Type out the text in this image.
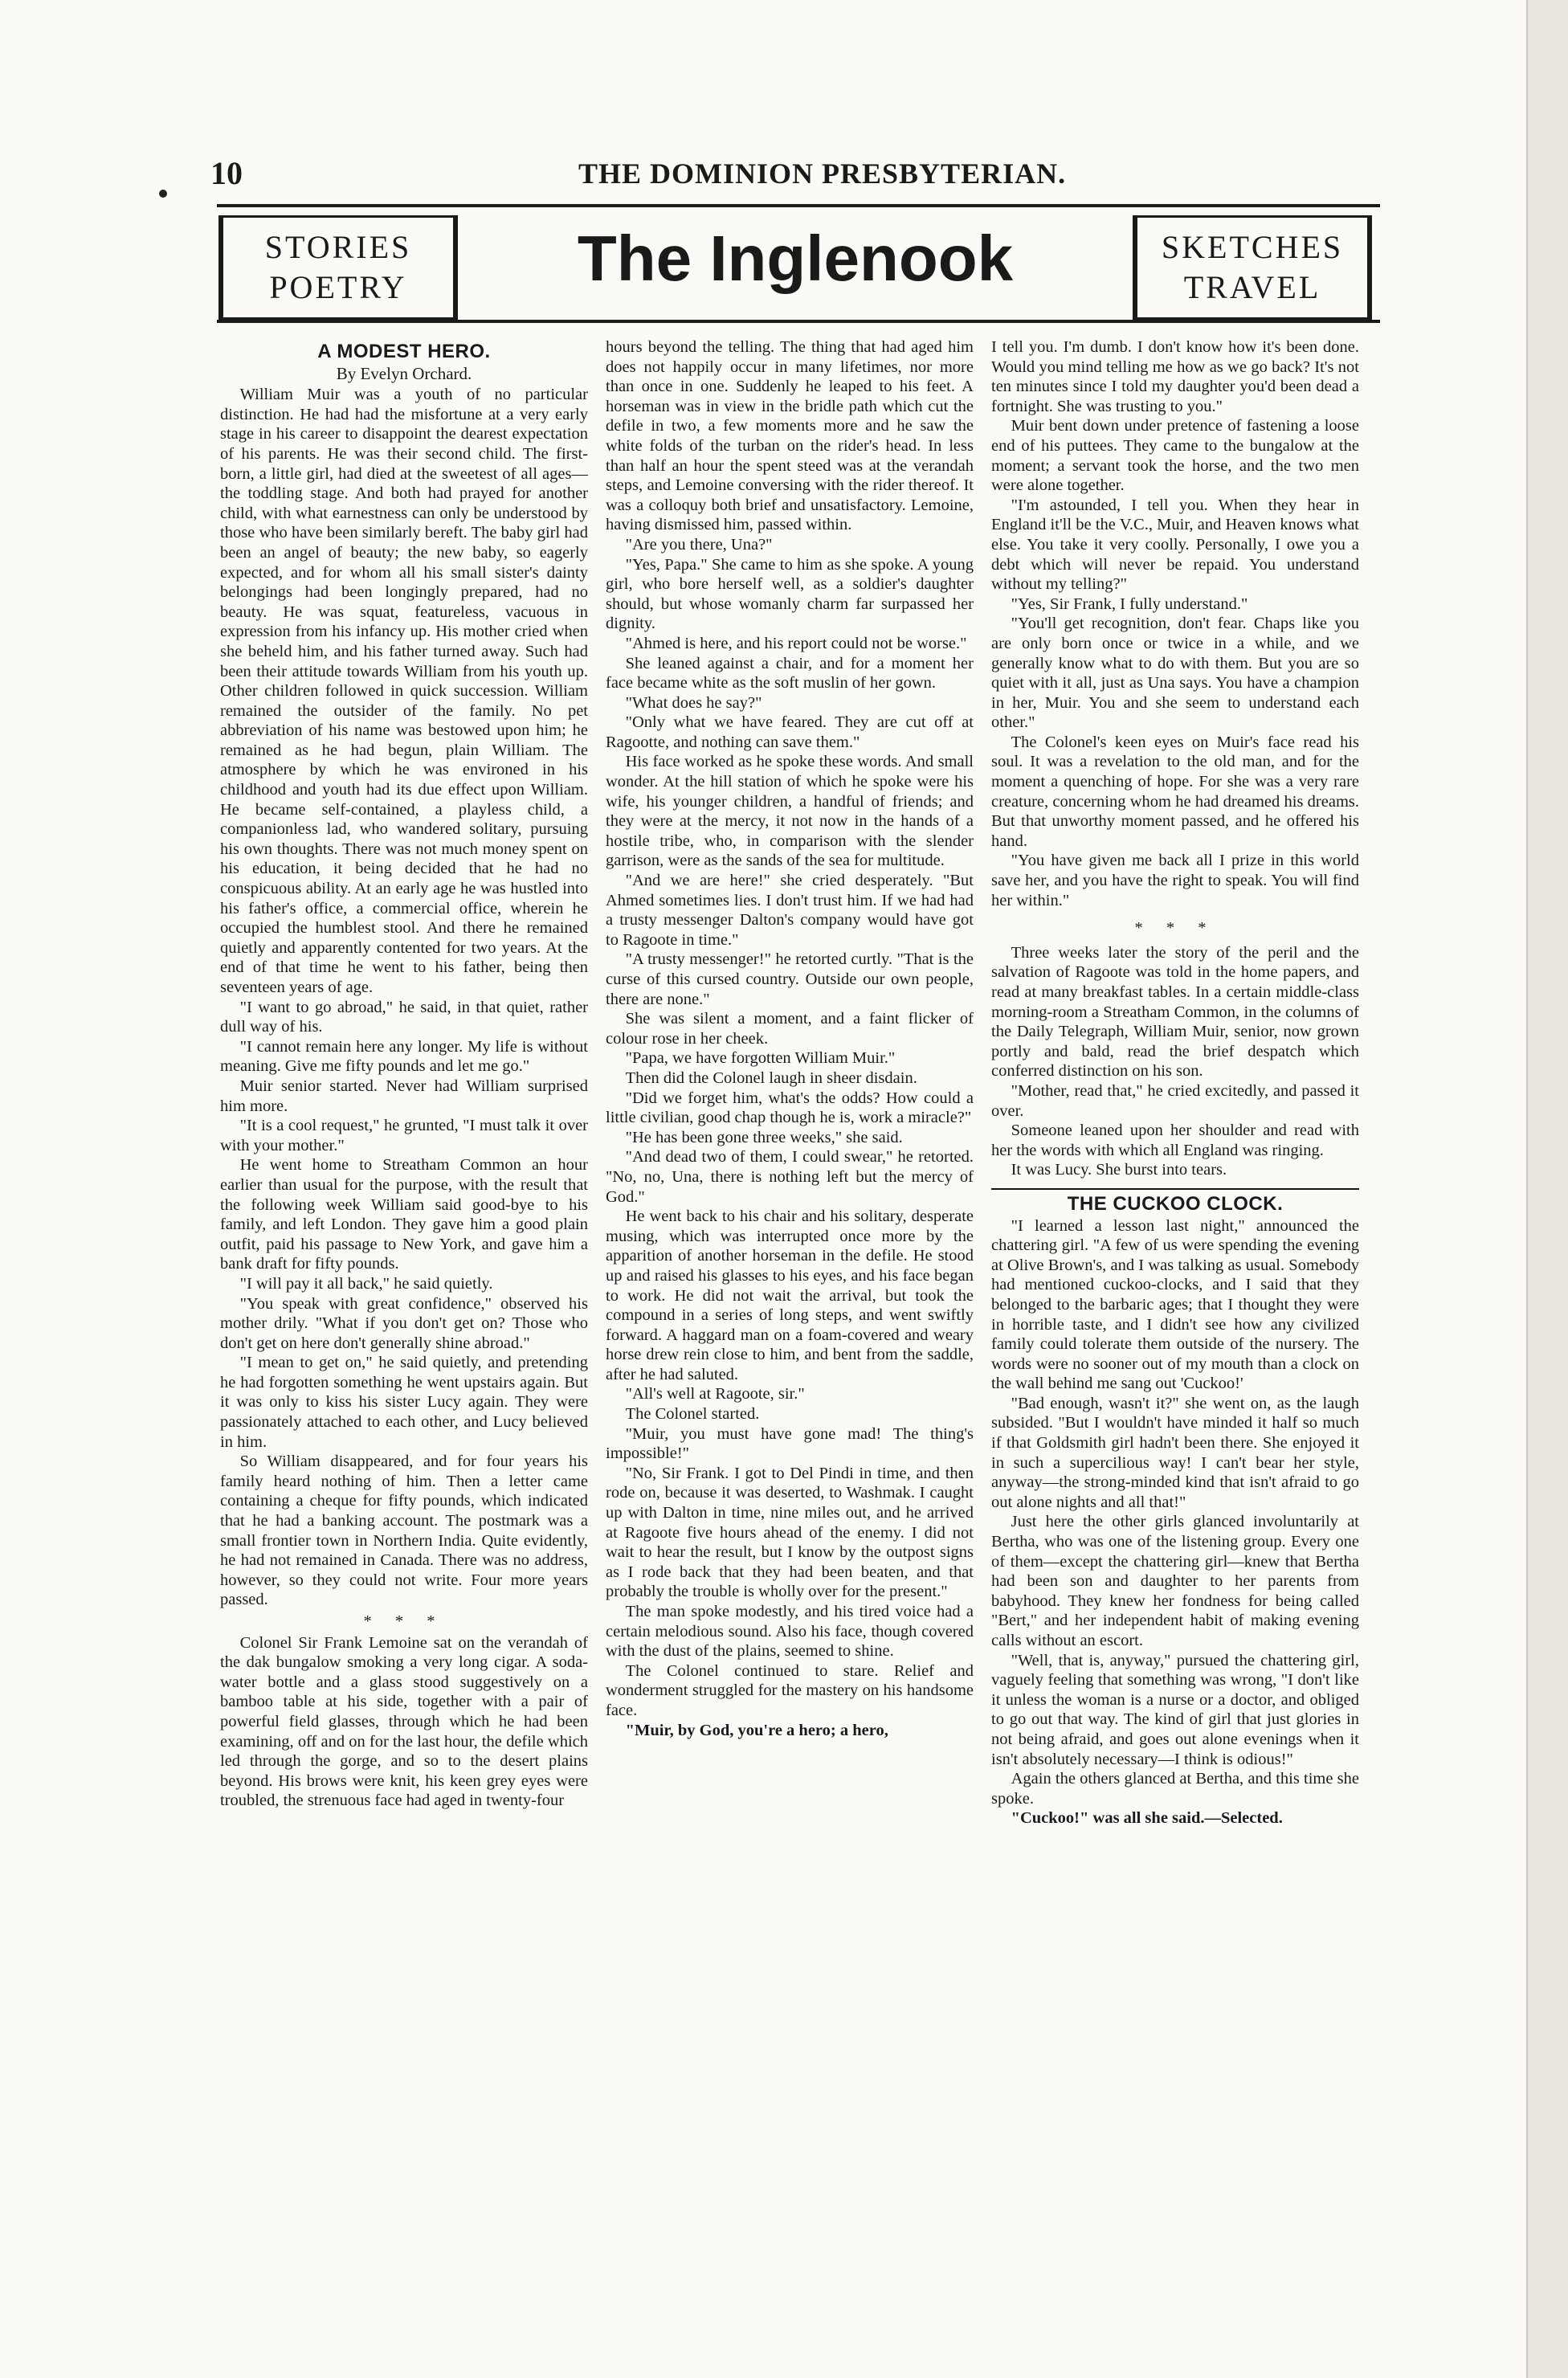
10	THE DOMINION PRESBYTERIAN.
STORIES
POETRY	The Inglenook	SKETCHES
TRAVEL
A MODEST HERO.
By Evelyn Orchard.

William Muir was a youth of no particular distinction. He had had the misfortune at a very early stage in his career to disappoint the dearest expectation of his parents. He was their second child. The first-born, a little girl, had died at the sweetest of all ages—the toddling stage. And both had prayed for another child, with what earnestness can only be understood by those who have been similarly bereft. The baby girl had been an angel of beauty; the new baby, so eagerly expected, and for whom all his small sister's dainty belongings had been longingly prepared, had no beauty. He was squat, featureless, vacuous in expression from his infancy up. His mother cried when she beheld him, and his father turned away. Such had been their attitude towards William from his youth up. Other children followed in quick succession. William remained the outsider of the family. No pet abbreviation of his name was bestowed upon him; he remained as he had begun, plain William. The atmosphere by which he was environed in his childhood and youth had its due effect upon William. He became self-contained, a playless child, a companionless lad, who wandered solitary, pursuing his own thoughts. There was not much money spent on his education, it being decided that he had no conspicuous ability. At an early age he was hustled into his father's office, a commercial office, wherein he occupied the humblest stool. And there he remained quietly and apparently contented for two years. At the end of that time he went to his father, being then seventeen years of age.

"I want to go abroad," he said, in that quiet, rather dull way of his.

"I cannot remain here any longer. My life is without meaning. Give me fifty pounds and let me go."

Muir senior started. Never had William surprised him more.

"It is a cool request," he grunted, "I must talk it over with your mother."

He went home to Streatham Common an hour earlier than usual for the purpose, with the result that the following week William said good-bye to his family, and left London. They gave him a good plain outfit, paid his passage to New York, and gave him a bank draft for fifty pounds.

"I will pay it all back," he said quietly.

"You speak with great confidence," observed his mother drily. "What if you don't get on? Those who don't get on here don't generally shine abroad."

"I mean to get on," he said quietly, and pretending he had forgotten something he went upstairs again. But it was only to kiss his sister Lucy again. They were passionately attached to each other, and Lucy believed in him.

So William disappeared, and for four years his family heard nothing of him. Then a letter came containing a cheque for fifty pounds, which indicated that he had a banking account. The postmark was a small frontier town in Northern India. Quite evidently, he had not remained in Canada. There was no address, however, so they could not write. Four more years passed.

* * *

Colonel Sir Frank Lemoine sat on the verandah of the dak bungalow smoking a very long cigar. A soda-water bottle and a glass stood suggestively on a bamboo table at his side, together with a pair of powerful field glasses, through which he had been examining, off and on for the last hour, the defile which led through the gorge, and so to the desert plains beyond. His brows were knit, his keen grey eyes were troubled, the strenuous face had aged in twenty-four

hours beyond the telling. The thing that had aged him does not happily occur in many lifetimes, nor more than once in one. Suddenly he leaped to his feet. A horseman was in view in the bridle path which cut the defile in two, a few moments more and he saw the white folds of the turban on the rider's head. In less than half an hour the spent steed was at the verandah steps, and Lemoine conversing with the rider thereof. It was a colloquy both brief and unsatisfactory. Lemoine, having dismissed him, passed within.

"Are you there, Una?"

"Yes, Papa." She came to him as she spoke. A young girl, who bore herself well, as a soldier's daughter should, but whose womanly charm far surpassed her dignity.

"Ahmed is here, and his report could not be worse."

She leaned against a chair, and for a moment her face became white as the soft muslin of her gown.

"What does he say?"

"Only what we have feared. They are cut off at Ragootte, and nothing can save them."

His face worked as he spoke these words. And small wonder. At the hill station of which he spoke were his wife, his younger children, a handful of friends; and they were at the mercy, it not now in the hands of a hostile tribe, who, in comparison with the slender garrison, were as the sands of the sea for multitude.

"And we are here!" she cried desperately. "But Ahmed sometimes lies. I don't trust him. If we had had a trusty messenger Dalton's company would have got to Ragoote in time."

"A trusty messenger!" he retorted curtly. "That is the curse of this cursed country. Outside our own people, there are none."

She was silent a moment, and a faint flicker of colour rose in her cheek.

"Papa, we have forgotten William Muir."

Then did the Colonel laugh in sheer disdain.

"Did we forget him, what's the odds? How could a little civilian, good chap though he is, work a miracle?"

"He has been gone three weeks," she said.

"And dead two of them, I could swear," he retorted. "No, no, Una, there is nothing left but the mercy of God."

He went back to his chair and his solitary, desperate musing, which was interrupted once more by the apparition of another horseman in the defile. He stood up and raised his glasses to his eyes, and his face began to work. He did not wait the arrival, but took the compound in a series of long steps, and went swiftly forward. A haggard man on a foam-covered and weary horse drew rein close to him, and bent from the saddle, after he had saluted.

"All's well at Ragoote, sir."

The Colonel started.

"Muir, you must have gone mad! The thing's impossible!"

"No, Sir Frank. I got to Del Pindi in time, and then rode on, because it was deserted, to Washmak. I caught up with Dalton in time, nine miles out, and he arrived at Ragoote five hours ahead of the enemy. I did not wait to hear the result, but I know by the outpost signs as I rode back that they had been beaten, and that probably the trouble is wholly over for the present."

The man spoke modestly, and his tired voice had a certain melodious sound. Also his face, though covered with the dust of the plains, seemed to shine.

The Colonel continued to stare. Relief and wonderment struggled for the mastery on his handsome face.

"Muir, by God, you're a hero; a hero,

I tell you. I'm dumb. I don't know how it's been done. Would you mind telling me how as we go back? It's not ten minutes since I told my daughter you'd been dead a fortnight. She was trusting to you."

Muir bent down under pretence of fastening a loose end of his puttees. They came to the bungalow at the moment; a servant took the horse, and the two men were alone together.

"I'm astounded, I tell you. When they hear in England it'll be the V.C., Muir, and Heaven knows what else. You take it very coolly. Personally, I owe you a debt which will never be repaid. You understand without my telling?"

"Yes, Sir Frank, I fully understand."

"You'll get recognition, don't fear. Chaps like you are only born once or twice in a while, and we generally know what to do with them. But you are so quiet with it all, just as Una says. You have a champion in her, Muir. You and she seem to understand each other."

The Colonel's keen eyes on Muir's face read his soul. It was a revelation to the old man, and for the moment a quenching of hope. For she was a very rare creature, concerning whom he had dreamed his dreams. But that unworthy moment passed, and he offered his hand.

"You have given me back all I prize in this world save her, and you have the right to speak. You will find her within."

* * *

Three weeks later the story of the peril and the salvation of Ragoote was told in the home papers, and read at many breakfast tables. In a certain middle-class morning-room a Streatham Common, in the columns of the Daily Telegraph, William Muir, senior, now grown portly and bald, read the brief despatch which conferred distinction on his son.

"Mother, read that," he cried excitedly, and passed it over.

Someone leaned upon her shoulder and read with her the words with which all England was ringing.

It was Lucy. She burst into tears.

THE CUCKOO CLOCK.

"I learned a lesson last night," announced the chattering girl. "A few of us were spending the evening at Olive Brown's, and I was talking as usual. Somebody had mentioned cuckoo-clocks, and I said that they belonged to the barbaric ages; that I thought they were in horrible taste, and I didn't see how any civilized family could tolerate them outside of the nursery. The words were no sooner out of my mouth than a clock on the wall behind me sang out 'Cuckoo!'

"Bad enough, wasn't it?" she went on, as the laugh subsided. "But I wouldn't have minded it half so much if that Goldsmith girl hadn't been there. She enjoyed it in such a supercilious way! I can't bear her style, anyway—the strong-minded kind that isn't afraid to go out alone nights and all that!"

Just here the other girls glanced involuntarily at Bertha, who was one of the listening group. Every one of them—except the chattering girl—knew that Bertha had been son and daughter to her parents from babyhood. They knew her fondness for being called "Bert," and her independent habit of making evening calls without an escort.

"Well, that is, anyway," pursued the chattering girl, vaguely feeling that something was wrong, "I don't like it unless the woman is a nurse or a doctor, and obliged to go out that way. The kind of girl that just glories in not being afraid, and goes out alone evenings when it isn't absolutely necessary—I think is odious!"

Again the others glanced at Bertha, and this time she spoke.

"Cuckoo!" was all she said.—Selected.
